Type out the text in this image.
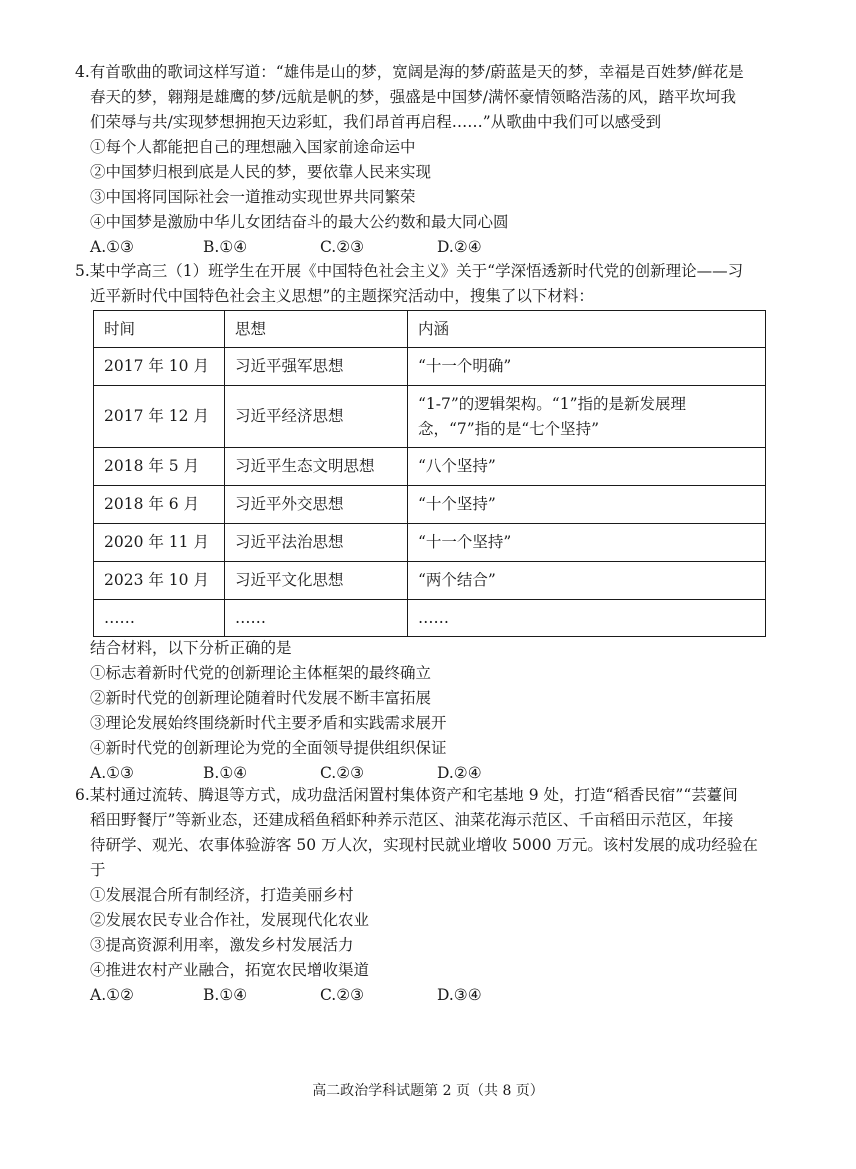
4.有首歌曲的歌词这样写道：“雄伟是山的梦，宽阔是海的梦/蔚蓝是天的梦，幸福是百姓梦/鲜花是
春天的梦，翱翔是雄鹰的梦/远航是帆的梦，强盛是中国梦/满怀豪情领略浩荡的风，踏平坎坷我
们荣辱与共/实现梦想拥抱天边彩虹，我们昂首再启程……”从歌曲中我们可以感受到
①每个人都能把自己的理想融入国家前途命运中
②中国梦归根到底是人民的梦，要依靠人民来实现
③中国将同国际社会一道推动实现世界共同繁荣
④中国梦是激励中华儿女团结奋斗的最大公约数和最大同心圆
A.①③	B.①④	C.②③	D.②④
5.某中学高三（1）班学生在开展《中国特色社会主义》关于“学深悟透新时代党的创新理论——习
近平新时代中国特色社会主义思想”的主题探究活动中，搜集了以下材料：
时间	思想	内涵
2017 年 10 月	习近平强军思想	“十一个明确”
2017 年 12 月	习近平经济思想	“1-7”的逻辑架构。“1”指的是新发展理念，“7”指的是“七个坚持”
2018 年 5 月	习近平生态文明思想	“八个坚持”
2018 年 6 月	习近平外交思想	“十个坚持”
2020 年 11 月	习近平法治思想	“十一个坚持”
2023 年 10 月	习近平文化思想	“两个结合”
……	……	……
结合材料，以下分析正确的是
①标志着新时代党的创新理论主体框架的最终确立
②新时代党的创新理论随着时代发展不断丰富拓展
③理论发展始终围绕新时代主要矛盾和实践需求展开
④新时代党的创新理论为党的全面领导提供组织保证
A.①③	B.①④	C.②③	D.②④
6.某村通过流转、腾退等方式，成功盘活闲置村集体资产和宅基地 9 处，打造“稻香民宿”“芸薹间
稻田野餐厅”等新业态，还建成稻鱼稻虾种养示范区、油菜花海示范区、千亩稻田示范区，年接
待研学、观光、农事体验游客 50 万人次，实现村民就业增收 5000 万元。该村发展的成功经验在
于
①发展混合所有制经济，打造美丽乡村
②发展农民专业合作社，发展现代化农业
③提高资源利用率，激发乡村发展活力
④推进农村产业融合，拓宽农民增收渠道
A.①②	B.①④	C.②③	D.③④
高二政治学科试题第 2 页（共 8 页）
